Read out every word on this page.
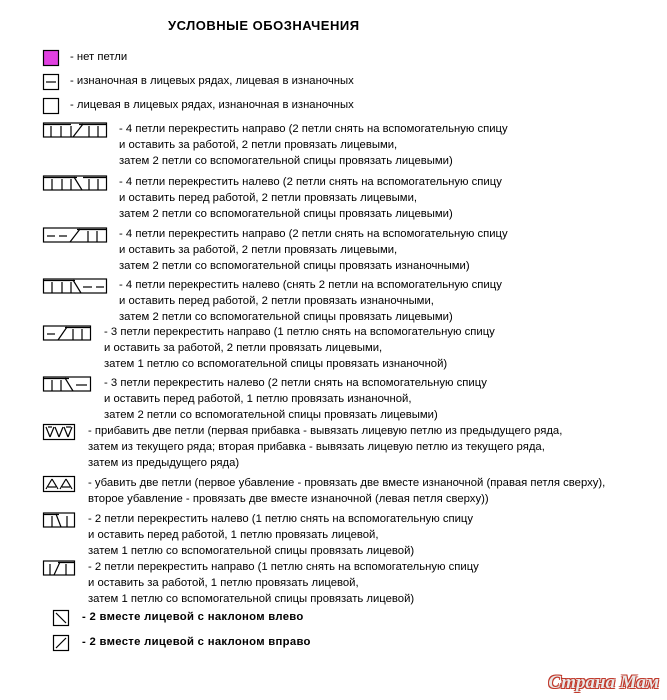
УСЛОВНЫЕ ОБОЗНАЧЕНИЯ
- нет петли
- изнаночная в лицевых рядах, лицевая в изнаночных
- лицевая в лицевых рядах, изнаночная в изнаночных
- 4 петли перекрестить направо (2 петли снять на вспомогательную спицу
и оставить за работой, 2 петли провязать лицевыми,
затем 2 петли со вспомогательной спицы провязать лицевыми)
- 4 петли перекрестить налево (2 петли снять на вспомогательную спицу
и оставить перед работой, 2 петли провязать лицевыми,
затем 2 петли со вспомогательной спицы провязать лицевыми)
- 4 петли перекрестить направо (2 петли снять на вспомогательную спицу
и оставить за работой, 2 петли провязать лицевыми,
затем 2 петли со вспомогательной спицы провязать изнаночными)
- 4 петли перекрестить налево (снять 2 петли на вспомогательную спицу
и оставить перед работой, 2 петли провязать изнаночными,
затем 2 петли со вспомогательной спицы провязать лицевыми)
- 3 петли перекрестить направо (1 петлю снять на вспомогательную спицу
и оставить за работой, 2 петли провязать лицевыми,
затем 1 петлю со вспомогательной спицы провязать изнаночной)
- 3 петли перекрестить налево (2 петли снять на вспомогательную спицу
и оставить перед работой, 1 петлю провязать изнаночной,
затем 2 петли со вспомогательной спицы провязать лицевыми)
- прибавить две петли (первая прибавка - вывязать лицевую петлю из предыдущего ряда,
затем из текущего ряда; вторая прибавка - вывязать лицевую петлю из текущего ряда,
затем из предыдущего ряда)
- убавить две петли (первое убавление - провязать две вместе изнаночной (правая петля сверху),
второе убавление - провязать две вместе изнаночной (левая петля сверху))
- 2 петли перекрестить налево (1 петлю снять на вспомогательную спицу
и оставить перед работой, 1 петлю провязать лицевой,
затем 1 петлю со вспомогательной спицы провязать лицевой)
- 2 петли перекрестить направо (1 петлю снять на вспомогательную спицу
и оставить за работой, 1 петлю провязать лицевой,
затем 1 петлю со вспомогательной спицы провязать лицевой)
- 2 вместе лицевой с наклоном влево
- 2 вместе лицевой с наклоном вправо
Страна Мам
